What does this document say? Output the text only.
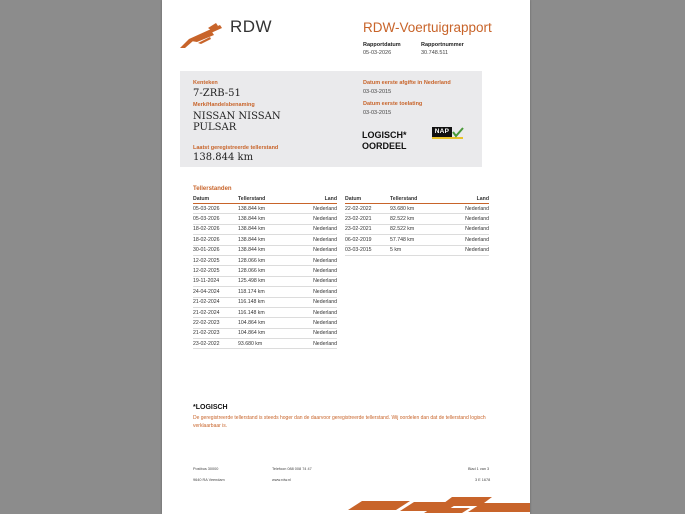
RDW	RDW-Voertuigrapport
Rapportdatum
05-03-2026
Rapportnummer
30.748.511
Kenteken
7-ZRB-51
Merk/Handelsbenaming
NISSAN NISSAN
PULSAR
Laatst geregistreerde tellerstand
138.844 km
Datum eerste afgifte in Nederland
03-03-2015
Datum eerste toelating
03-03-2015
LOGISCH*
OORDEEL
NAP
Tellerstanden
Datum	Tellerstand	Land
05-03-2026	138.844 km	Nederland
05-03-2026	138.844 km	Nederland
18-02-2026	138.844 km	Nederland
18-02-2026	138.844 km	Nederland
30-01-2026	138.844 km	Nederland
12-02-2025	128.066 km	Nederland
12-02-2025	128.066 km	Nederland
19-11-2024	125.498 km	Nederland
24-04-2024	118.174 km	Nederland
21-02-2024	116.148 km	Nederland
21-02-2024	116.148 km	Nederland
22-02-2023	104.864 km	Nederland
21-02-2023	104.864 km	Nederland
23-02-2022	93.680 km	Nederland
Datum	Tellerstand	Land
22-02-2022	93.680 km	Nederland
23-02-2021	82.522 km	Nederland
23-02-2021	82.522 km	Nederland
06-02-2019	57.748 km	Nederland
03-03-2015	5 km	Nederland
*LOGISCH
De geregistreerde tellerstand is steeds hoger dan de daarvoor geregistreerde tellerstand. Wij oordelen dan dat de tellerstand logisch verklaarbaar is.
Postbus 30000
9640 RA Veendam
Telefoon 088 008 74 47
www.rdw.nl
Blad 1 van 3
3 E 1678
